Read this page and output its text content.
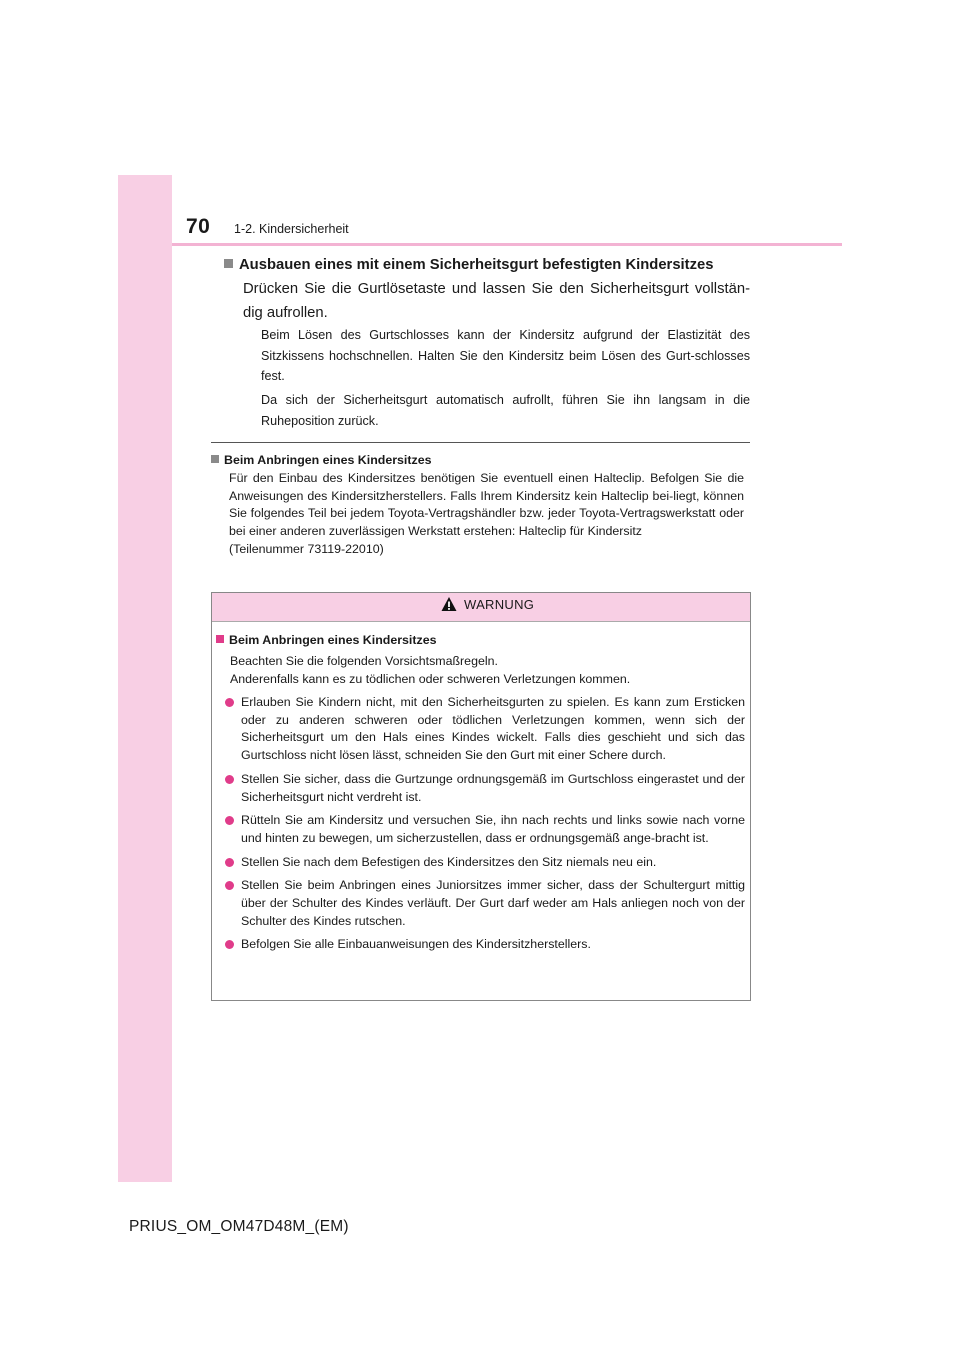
70 1-2. Kindersicherheit
Ausbauen eines mit einem Sicherheitsgurt befestigten Kindersitzes
Drücken Sie die Gurtlösetaste und lassen Sie den Sicherheitsgurt vollstän-dig aufrollen.
Beim Lösen des Gurtschlosses kann der Kindersitz aufgrund der Elastizität des Sitzkissens hochschnellen. Halten Sie den Kindersitz beim Lösen des Gurt-schlosses fest.
Da sich der Sicherheitsgurt automatisch aufrollt, führen Sie ihn langsam in die Ruheposition zurück.
Beim Anbringen eines Kindersitzes

Für den Einbau des Kindersitzes benötigen Sie eventuell einen Halteclip. Befolgen Sie die Anweisungen des Kindersitzherstellers. Falls Ihrem Kindersitz kein Halteclip bei-liegt, können Sie folgendes Teil bei jedem Toyota-Vertragshändler bzw. jeder Toyota-Vertragswerkstatt oder bei einer anderen zuverlässigen Werkstatt erstehen: Halteclip für Kindersitz

(Teilenummer 73119-22010)

WARNUNG
Beim Anbringen eines Kindersitzes

Beachten Sie die folgenden Vorsichtsmaßregeln.

Anderenfalls kann es zu tödlichen oder schweren Verletzungen kommen.

Erlauben Sie Kindern nicht, mit den Sicherheitsgurten zu spielen. Es kann zum Ersticken oder zu anderen schweren oder tödlichen Verletzungen kommen, wenn sich der Sicherheitsgurt um den Hals eines Kindes wickelt. Falls dies geschieht und sich das Gurtschloss nicht lösen lässt, schneiden Sie den Gurt mit einer Schere durch.
Stellen Sie sicher, dass die Gurtzunge ordnungsgemäß im Gurtschloss eingerastet und der Sicherheitsgurt nicht verdreht ist.
Rütteln Sie am Kindersitz und versuchen Sie, ihn nach rechts und links sowie nach vorne und hinten zu bewegen, um sicherzustellen, dass er ordnungsgemäß ange-bracht ist.
Stellen Sie nach dem Befestigen des Kindersitzes den Sitz niemals neu ein.
Stellen Sie beim Anbringen eines Juniorsitzes immer sicher, dass der Schultergurt mittig über der Schulter des Kindes verläuft. Der Gurt darf weder am Hals anliegen noch von der Schulter des Kindes rutschen.
Befolgen Sie alle Einbauanweisungen des Kindersitzherstellers.
PRIUS_OM_OM47D48M_(EM)
